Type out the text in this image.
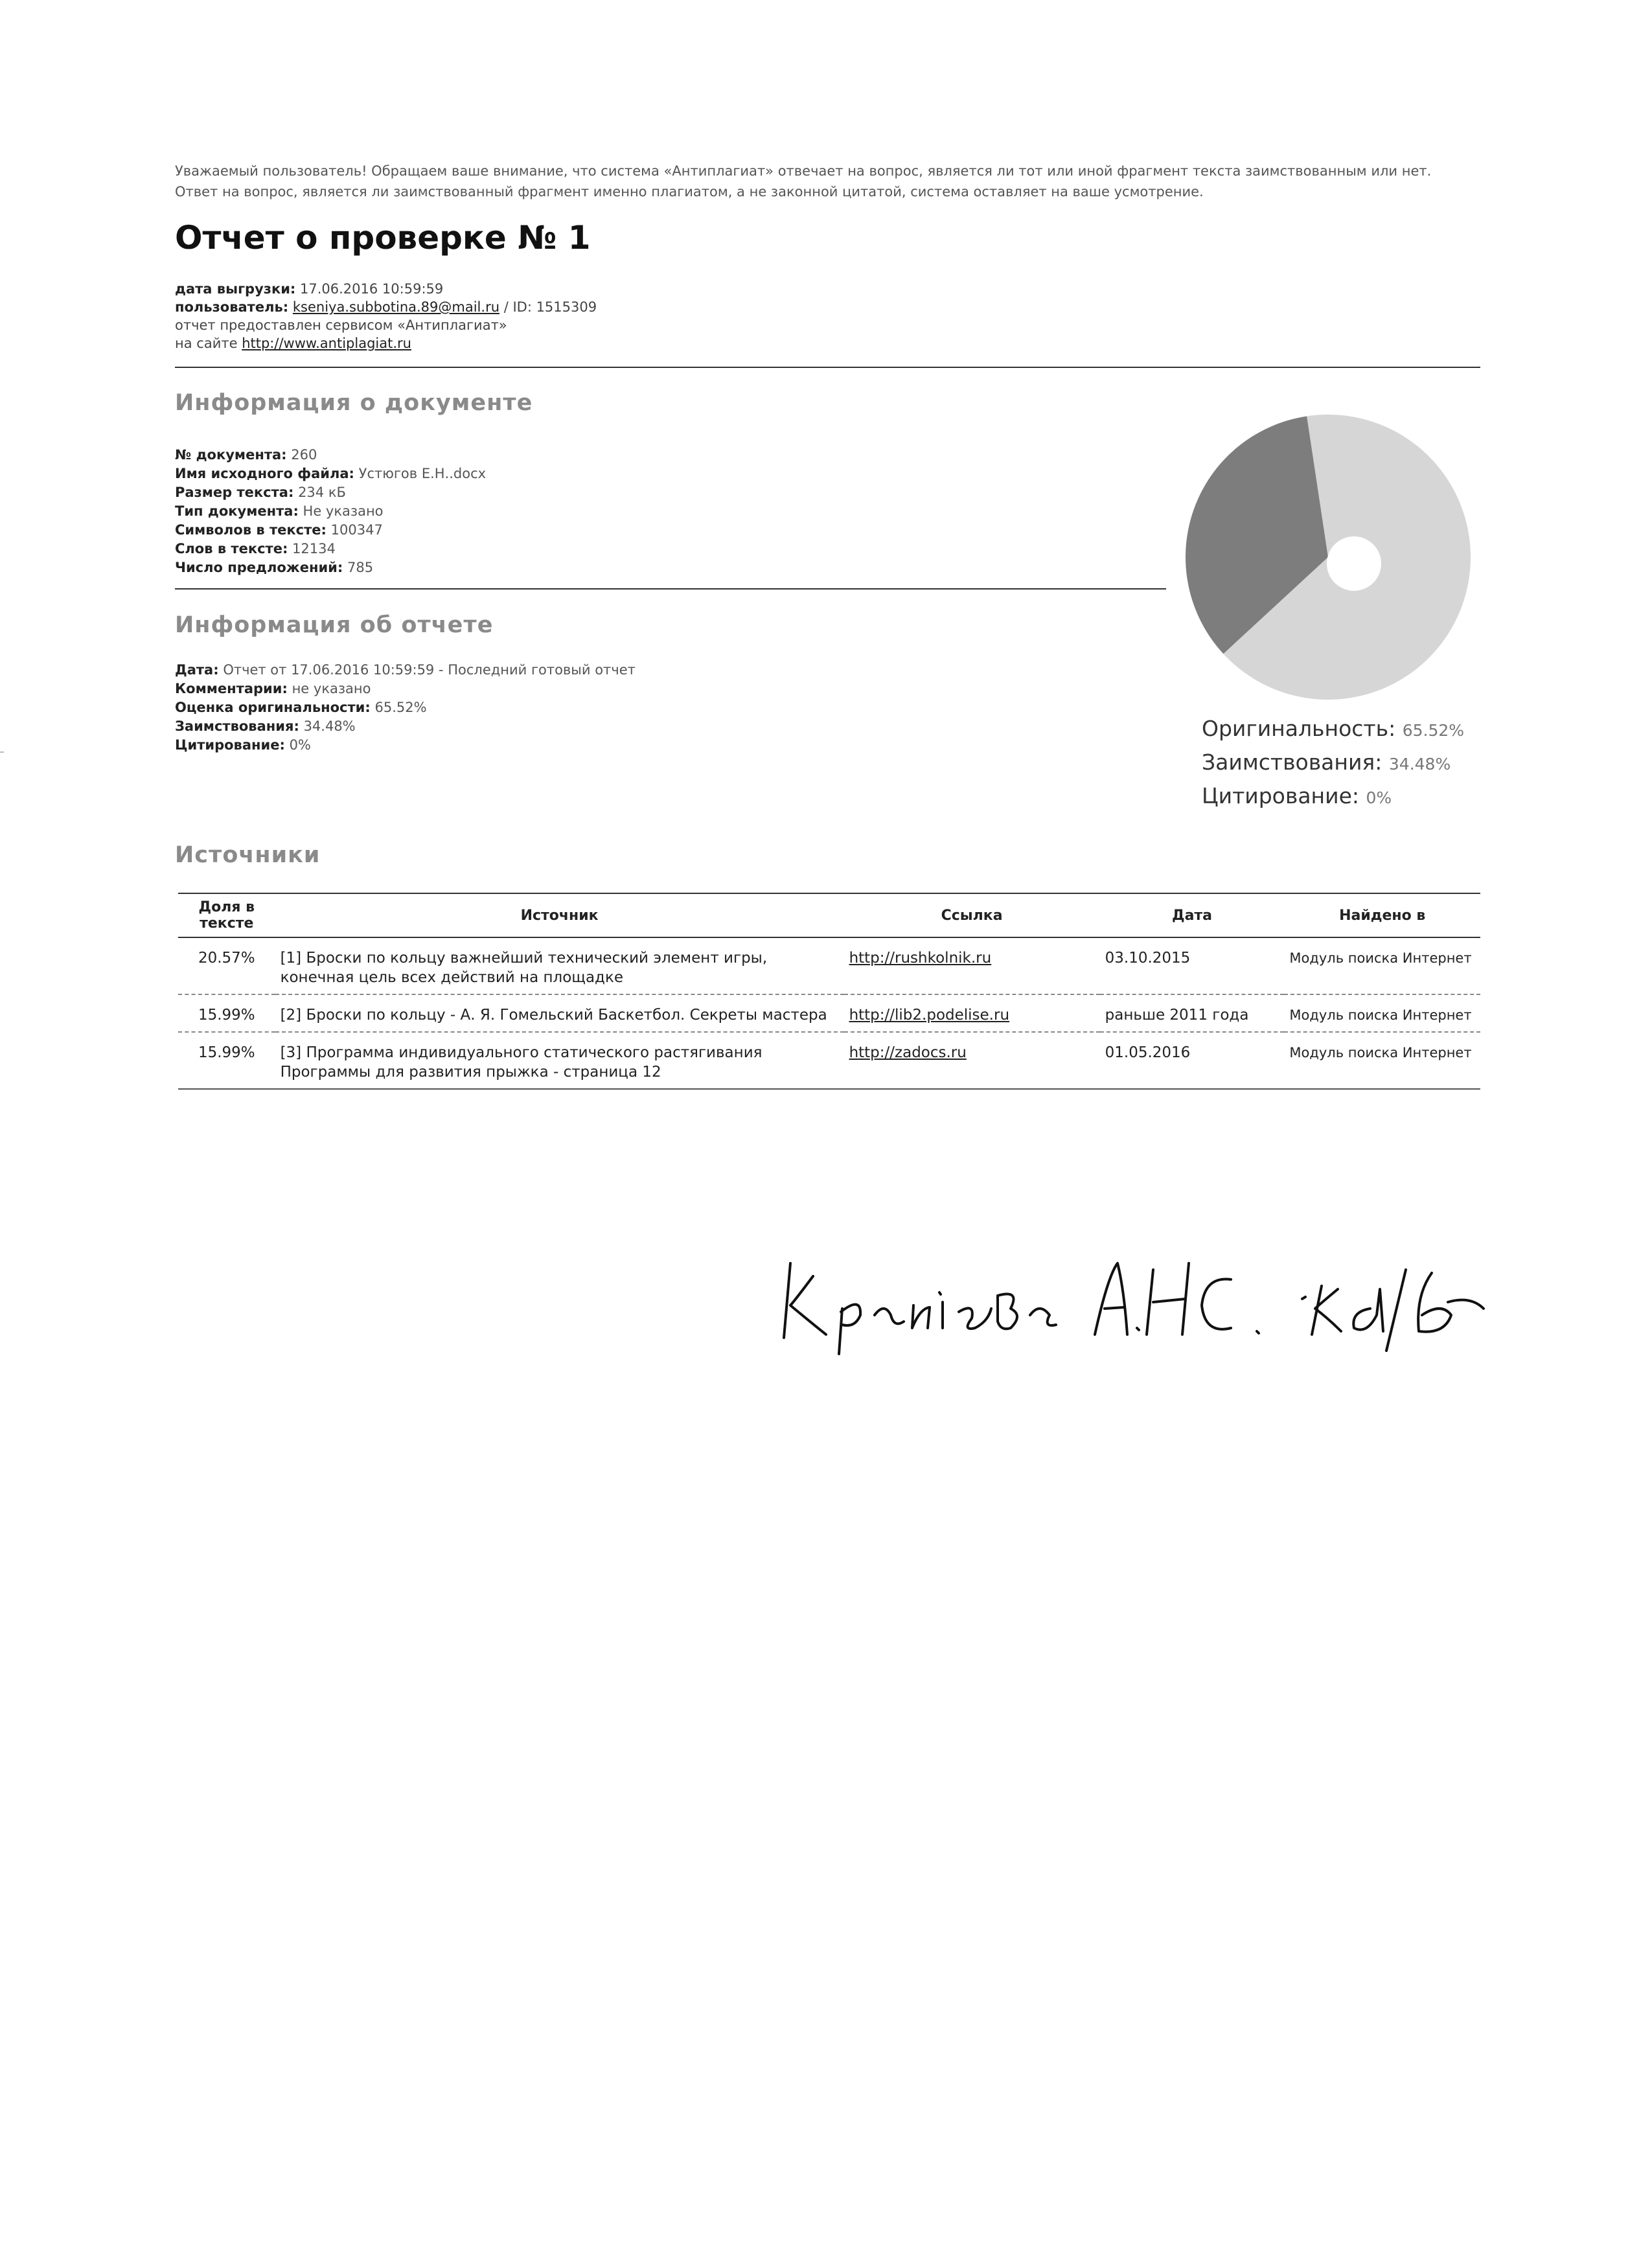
Уважаемый пользователь! Обращаем ваше внимание, что система «Антиплагиат» отвечает на вопрос, является ли тот или иной фрагмент текста заимствованным или нет. Ответ на вопрос, является ли заимствованный фрагмент именно плагиатом, а не законной цитатой, система оставляет на ваше усмотрение.
Отчет о проверке № 1
дата выгрузки: 17.06.2016 10:59:59
пользователь: kseniya.subbotina.89@mail.ru / ID: 1515309
отчет предоставлен сервисом «Антиплагиат»
на сайте http://www.antiplagiat.ru
Информация о документе
№ документа: 260
Имя исходного файла: Устюгов Е.Н..docx
Размер текста: 234 кБ
Тип документа: Не указано
Символов в тексте: 100347
Слов в тексте: 12134
Число предложений: 785
Информация об отчете
Дата: Отчет от 17.06.2016 10:59:59 - Последний готовый отчет
Комментарии: не указано
Оценка оригинальности: 65.52%
Заимствования: 34.48%
Цитирование: 0%
Оригинальность: 65.52%
Заимствования: 34.48%
Цитирование: 0%
Источники
Доля в тексте	Источник	Ссылка	Дата	Найдено в
20.57%	[1] Броски по кольцу важнейший технический элемент игры, конечная цель всех действий на площадке	http://rushkolnik.ru	03.10.2015	Модуль поиска Интернет
15.99%	[2] Броски по кольцу - А. Я. Гомельский Баскетбол. Секреты мастера	http://lib2.podelise.ru	раньше 2011 года	Модуль поиска Интернет
15.99%	[3] Программа индивидуального статического растягивания Программы для развития прыжка - страница 12	http://zadocs.ru	01.05.2016	Модуль поиска Интернет
